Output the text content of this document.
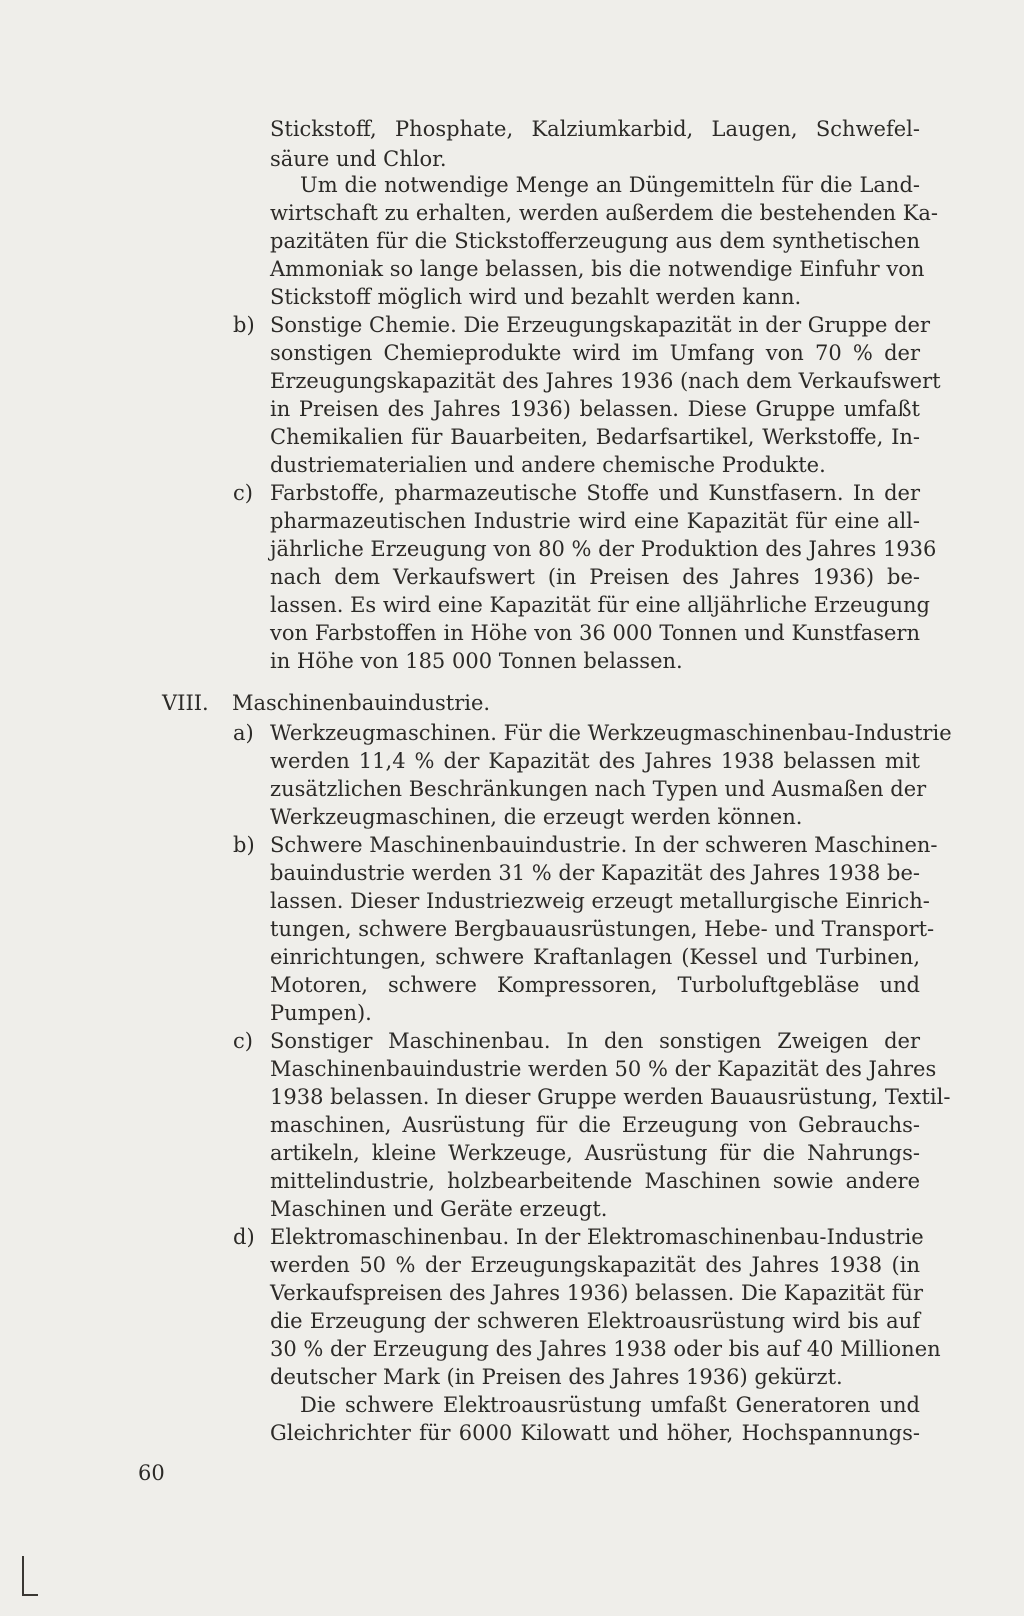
Stickstoff, Phosphate, Kalziumkarbid, Laugen, Schwefel-
säure und Chlor.
Um die notwendige Menge an Düngemitteln für die Land-
wirtschaft zu erhalten, werden außerdem die bestehenden Ka-
pazitäten für die Stickstofferzeugung aus dem synthetischen
Ammoniak so lange belassen, bis die notwendige Einfuhr von
Stickstoff möglich wird und bezahlt werden kann.
b) Sonstige Chemie. Die Erzeugungskapazität in der Gruppe der
sonstigen Chemieprodukte wird im Umfang von 70 % der
Erzeugungskapazität des Jahres 1936 (nach dem Verkaufswert
in Preisen des Jahres 1936) belassen. Diese Gruppe umfaßt
Chemikalien für Bauarbeiten, Bedarfsartikel, Werkstoffe, In-
dustriematerialien und andere chemische Produkte.
c) Farbstoffe, pharmazeutische Stoffe und Kunstfasern. In der
pharmazeutischen Industrie wird eine Kapazität für eine all-
jährliche Erzeugung von 80 % der Produktion des Jahres 1936
nach dem Verkaufswert (in Preisen des Jahres 1936) be-
lassen. Es wird eine Kapazität für eine alljährliche Erzeugung
von Farbstoffen in Höhe von 36 000 Tonnen und Kunstfasern
in Höhe von 185 000 Tonnen belassen.
VIII. Maschinenbauindustrie.
a) Werkzeugmaschinen. Für die Werkzeugmaschinenbau-Industrie
werden 11,4 % der Kapazität des Jahres 1938 belassen mit
zusätzlichen Beschränkungen nach Typen und Ausmaßen der
Werkzeugmaschinen, die erzeugt werden können.
b) Schwere Maschinenbauindustrie. In der schweren Maschinen-
bauindustrie werden 31 % der Kapazität des Jahres 1938 be-
lassen. Dieser Industriezweig erzeugt metallurgische Einrich-
tungen, schwere Bergbauausrüstungen, Hebe- und Transport-
einrichtungen, schwere Kraftanlagen (Kessel und Turbinen,
Motoren, schwere Kompressoren, Turboluftgebläse und
Pumpen).
c) Sonstiger Maschinenbau. In den sonstigen Zweigen der
Maschinenbauindustrie werden 50 % der Kapazität des Jahres
1938 belassen. In dieser Gruppe werden Bauausrüstung, Textil-
maschinen, Ausrüstung für die Erzeugung von Gebrauchs-
artikeln, kleine Werkzeuge, Ausrüstung für die Nahrungs-
mittelindustrie, holzbearbeitende Maschinen sowie andere
Maschinen und Geräte erzeugt.
d) Elektromaschinenbau. In der Elektromaschinenbau-Industrie
werden 50 % der Erzeugungskapazität des Jahres 1938 (in
Verkaufspreisen des Jahres 1936) belassen. Die Kapazität für
die Erzeugung der schweren Elektroausrüstung wird bis auf
30 % der Erzeugung des Jahres 1938 oder bis auf 40 Millionen
deutscher Mark (in Preisen des Jahres 1936) gekürzt.
Die schwere Elektroausrüstung umfaßt Generatoren und
Gleichrichter für 6000 Kilowatt und höher, Hochspannungs-
60
